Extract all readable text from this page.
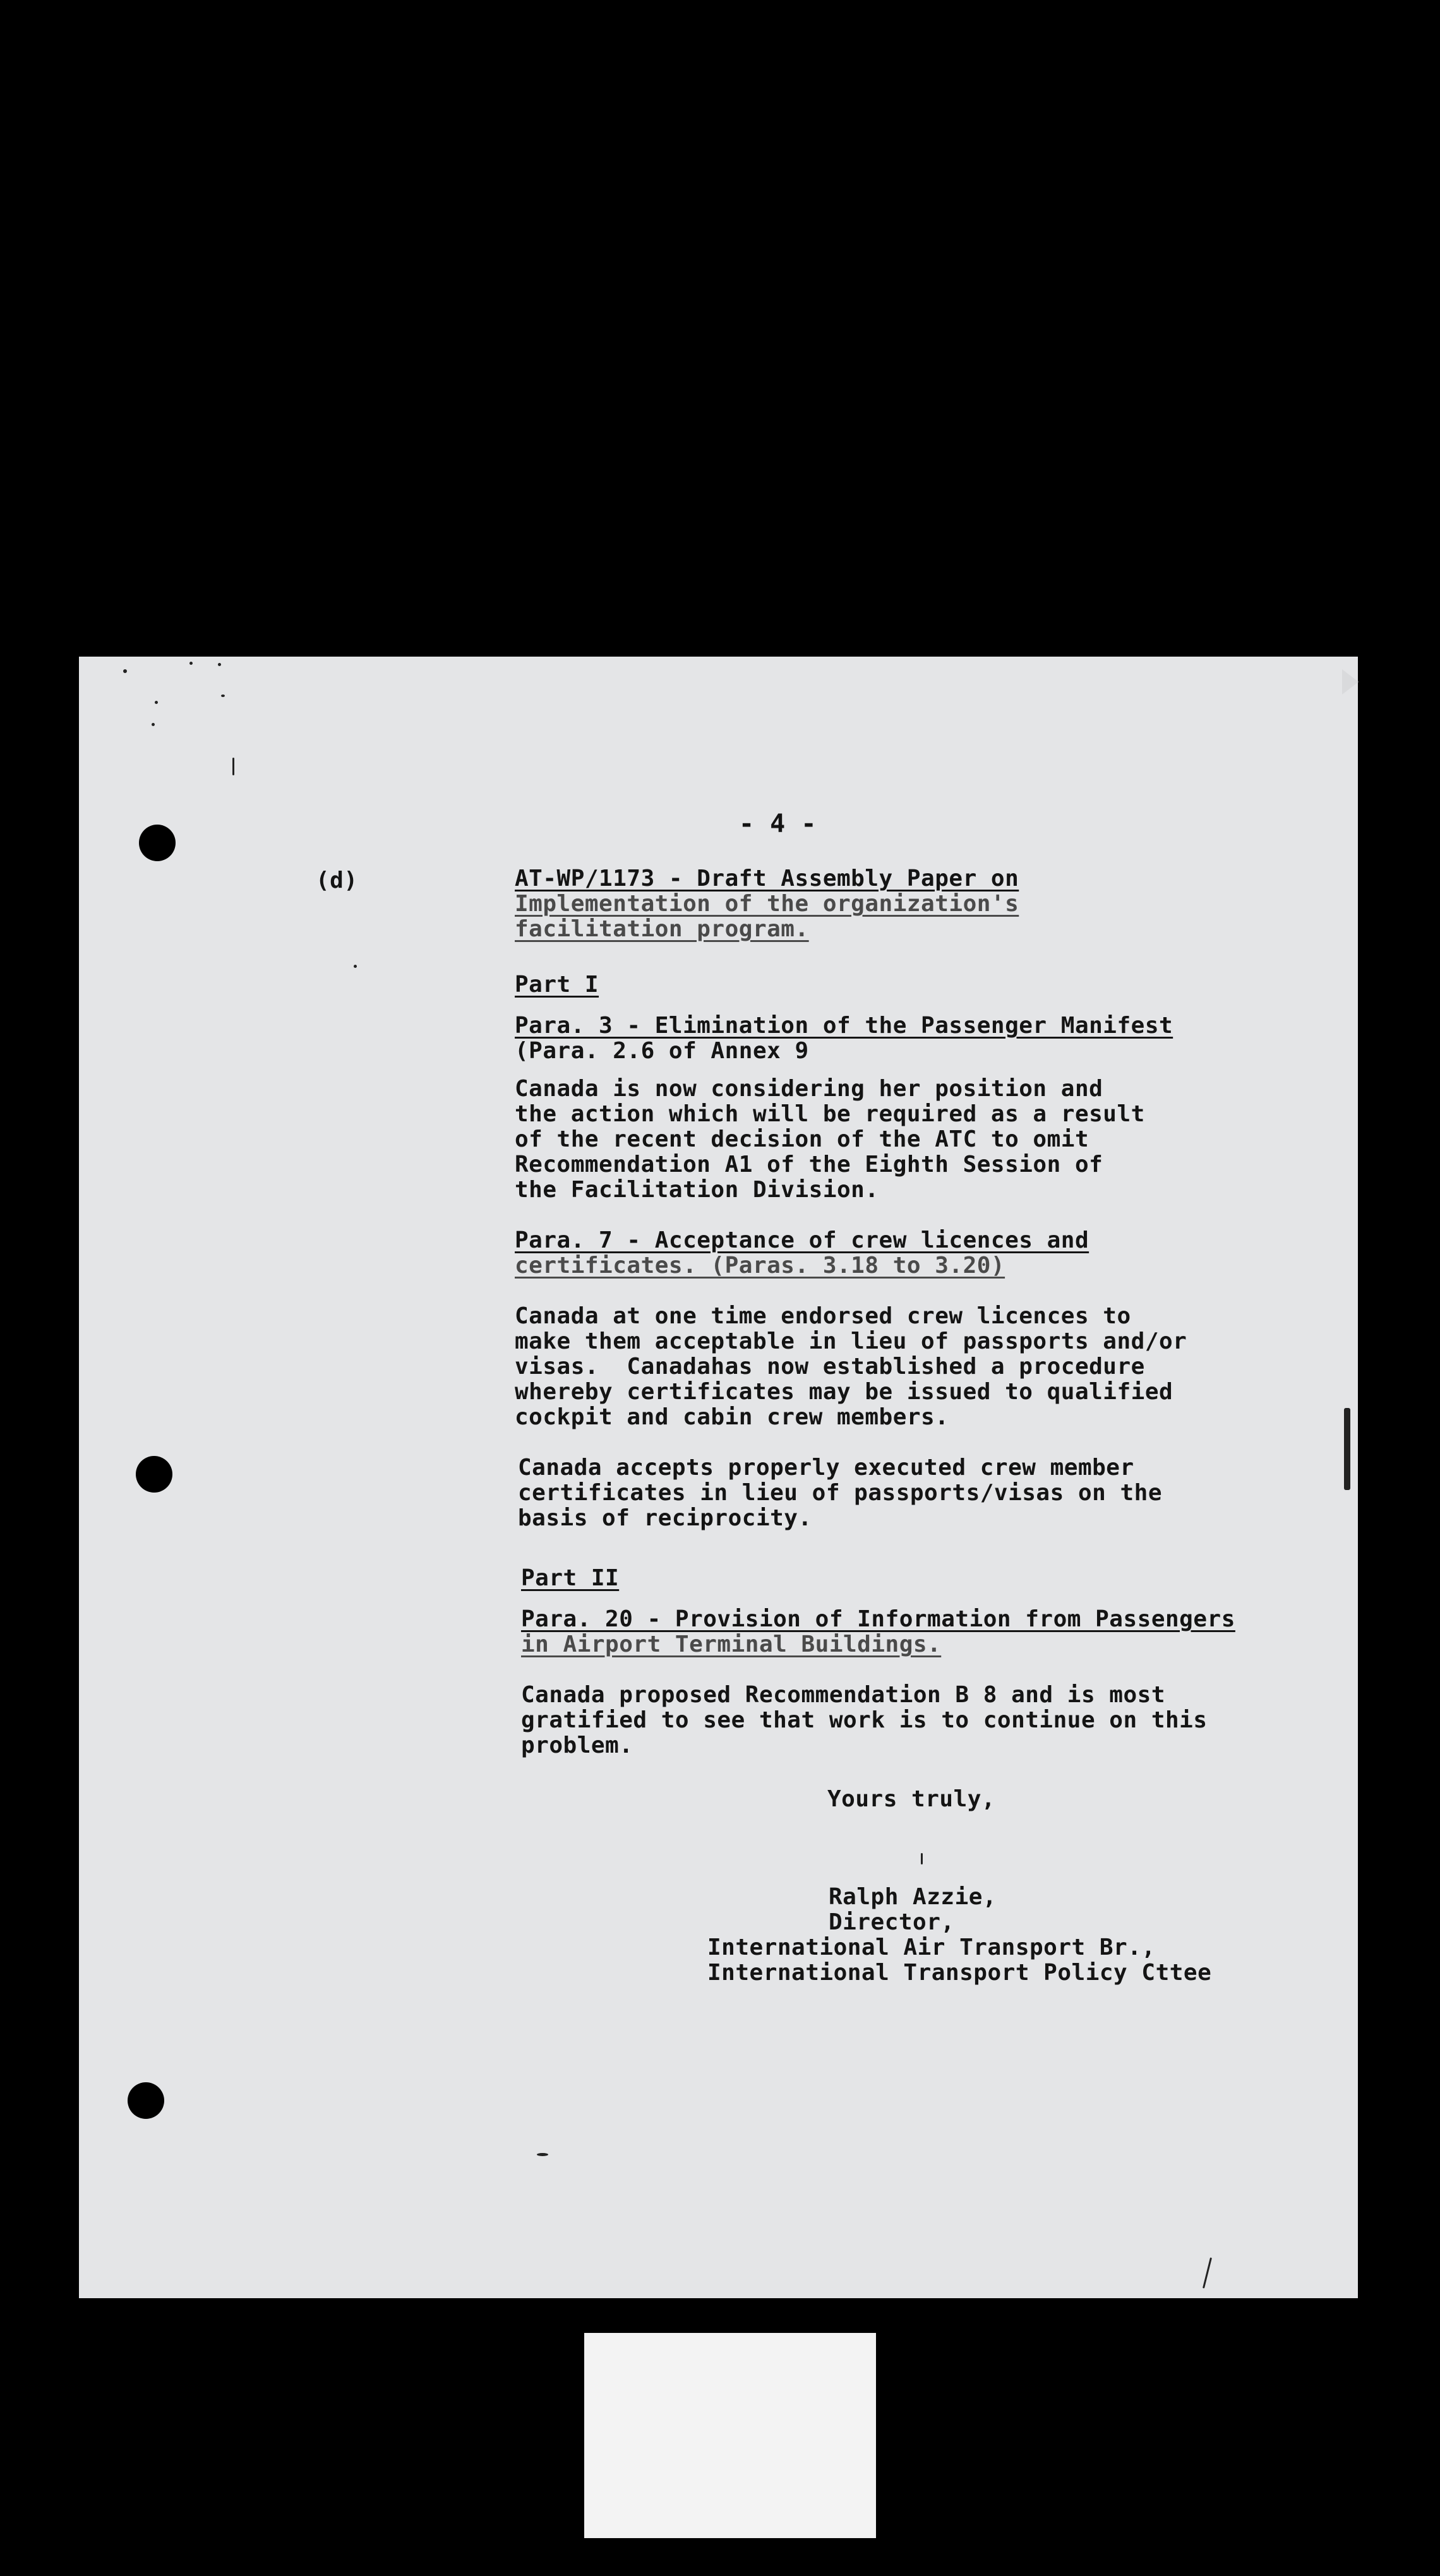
- 4 -
(d)	AT-WP/1173 - Draft Assembly Paper on
Implementation of the organization's
facilitation program.
Part I
Para. 3 - Elimination of the Passenger Manifest
(Para. 2.6 of Annex 9
Canada is now considering her position and
the action which will be required as a result
of the recent decision of the ATC to omit
Recommendation A1 of the Eighth Session of
the Facilitation Division.
Para. 7 - Acceptance of crew licences and
certificates. (Paras. 3.18 to 3.20)
Canada at one time endorsed crew licences to
make them acceptable in lieu of passports and/or
visas.  Canadahas now established a procedure
whereby certificates may be issued to qualified
cockpit and cabin crew members.
Canada accepts properly executed crew member
certificates in lieu of passports/visas on the
basis of reciprocity.
Part II
Para. 20 - Provision of Information from Passengers
in Airport Terminal Buildings.
Canada proposed Recommendation B 8 and is most
gratified to see that work is to continue on this
problem.
Yours truly,
Ralph Azzie,
Director,
International Air Transport Br.,
International Transport Policy Cttee
